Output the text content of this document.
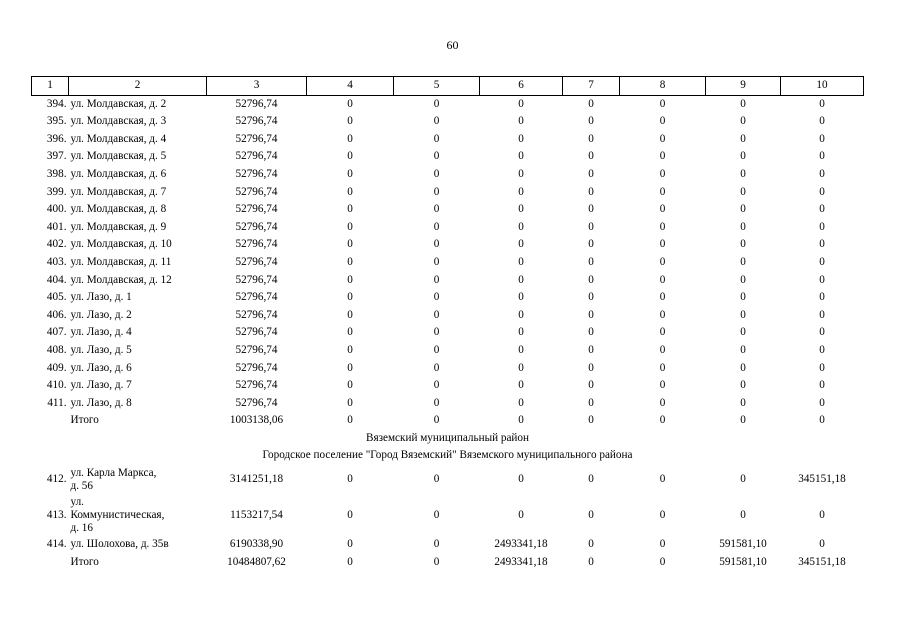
60
1	2	3	4	5	6	7	8	9	10
394.	ул. Молдавская, д. 2	52796,74	0	0	0	0	0	0	0
395.	ул. Молдавская, д. 3	52796,74	0	0	0	0	0	0	0
396.	ул. Молдавская, д. 4	52796,74	0	0	0	0	0	0	0
397.	ул. Молдавская, д. 5	52796,74	0	0	0	0	0	0	0
398.	ул. Молдавская, д. 6	52796,74	0	0	0	0	0	0	0
399.	ул. Молдавская, д. 7	52796,74	0	0	0	0	0	0	0
400.	ул. Молдавская, д. 8	52796,74	0	0	0	0	0	0	0
401.	ул. Молдавская, д. 9	52796,74	0	0	0	0	0	0	0
402.	ул. Молдавская, д. 10	52796,74	0	0	0	0	0	0	0
403.	ул. Молдавская, д. 11	52796,74	0	0	0	0	0	0	0
404.	ул. Молдавская, д. 12	52796,74	0	0	0	0	0	0	0
405.	ул. Лазо, д. 1	52796,74	0	0	0	0	0	0	0
406.	ул. Лазо, д. 2	52796,74	0	0	0	0	0	0	0
407.	ул. Лазо, д. 4	52796,74	0	0	0	0	0	0	0
408.	ул. Лазо, д. 5	52796,74	0	0	0	0	0	0	0
409.	ул. Лазо, д. 6	52796,74	0	0	0	0	0	0	0
410.	ул. Лазо, д. 7	52796,74	0	0	0	0	0	0	0
411.	ул. Лазо, д. 8	52796,74	0	0	0	0	0	0	0
	Итого	1003138,06	0	0	0	0	0	0	0
Вяземский муниципальный район									
Городское поселение "Город Вяземский" Вяземского муниципального района									
412.	ул. Карла Маркса,
д. 56	3141251,18	0	0	0	0	0	0	345151,18
413.	ул.
Коммунистическая,
д. 16	1153217,54	0	0	0	0	0	0	0
414.	ул. Шолохова, д. 35в	6190338,90	0	0	2493341,18	0	0	591581,10	0

	Итого	10484807,62	0	0	2493341,18	0	0	591581,10	345151,18
